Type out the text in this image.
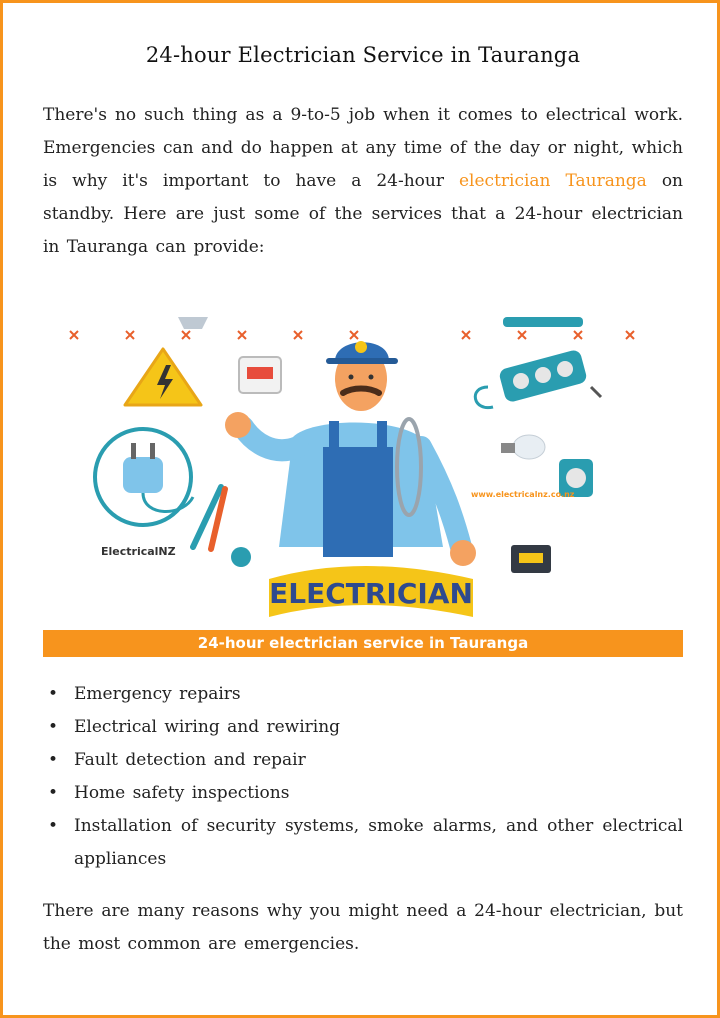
24-hour Electrician Service in Tauranga

There's no such thing as a 9-to-5 job when it comes to electrical work. Emergencies can and do happen at any time of the day or night, which is why it's important to have a 24-hour electrician Tauranga on standby. Here are just some of the services that a 24-hour electrician in Tauranga can provide:

ELECTRICIAN
ElectricalNZ
www.electricalnz.co.nz
24-hour electrician service in Tauranga
• Emergency repairs
• Electrical wiring and rewiring
• Fault detection and repair
• Home safety inspections
• Installation of security systems, smoke alarms, and other electrical appliances

There are many reasons why you might need a 24-hour electrician, but the most common are emergencies.
